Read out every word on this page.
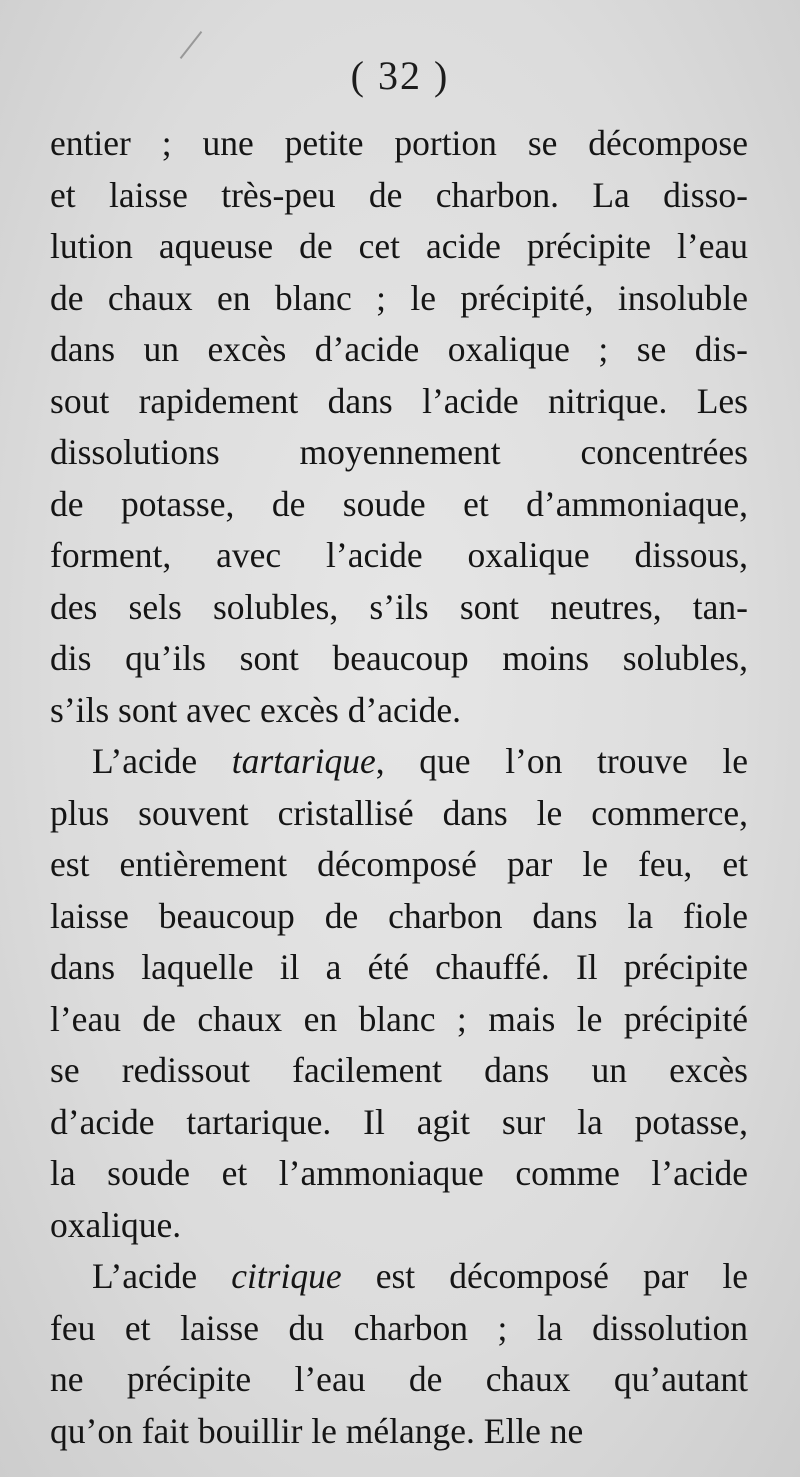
( 32 )
entier ; une petite portion se décompose
et laisse très-peu de charbon. La disso-
lution aqueuse de cet acide précipite l’eau
de chaux en blanc ; le précipité, insoluble
dans un excès d’acide oxalique ; se dis-
sout rapidement dans l’acide nitrique. Les
dissolutions moyennement concentrées
de potasse, de soude et d’ammoniaque,
forment, avec l’acide oxalique dissous,
des sels solubles, s’ils sont neutres, tan-
dis qu’ils sont beaucoup moins solubles,
s’ils sont avec excès d’acide.
L’acide tartarique, que l’on trouve le
plus souvent cristallisé dans le commerce,
est entièrement décomposé par le feu, et
laisse beaucoup de charbon dans la fiole
dans laquelle il a été chauffé. Il précipite
l’eau de chaux en blanc ; mais le précipité
se redissout facilement dans un excès
d’acide tartarique. Il agit sur la potasse,
la soude et l’ammoniaque comme l’acide
oxalique.
L’acide citrique est décomposé par le
feu et laisse du charbon ; la dissolution
ne précipite l’eau de chaux qu’autant
qu’on fait bouillir le mélange. Elle ne
